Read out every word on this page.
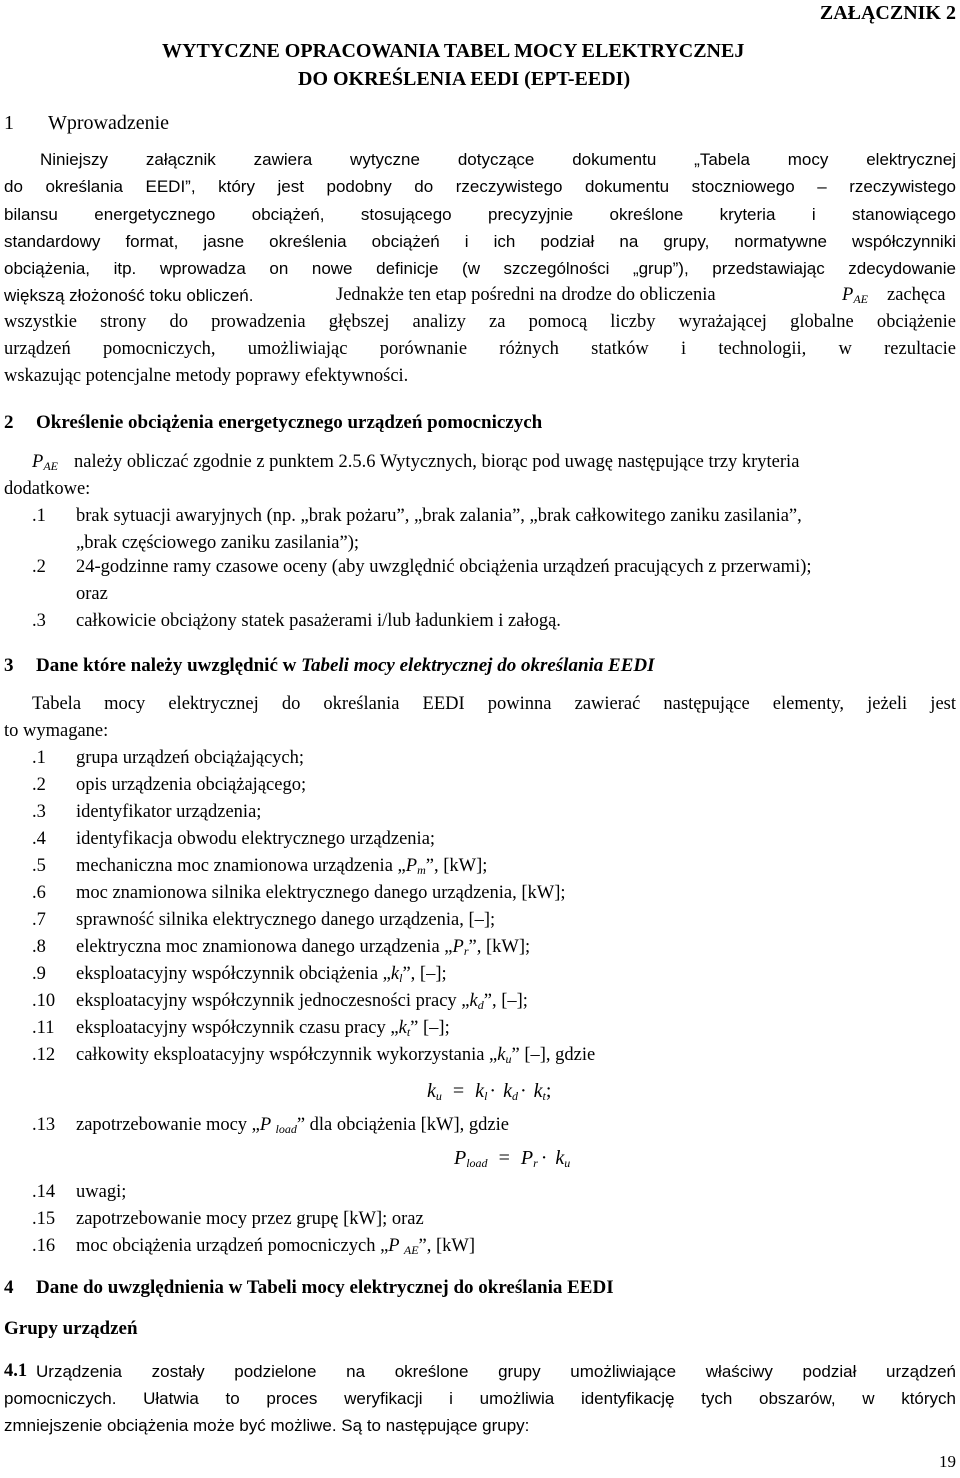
ZAŁĄCZNIK 2
WYTYCZNE OPRACOWANIA TABEL MOCY ELEKTRYCZNEJ
DO OKREŚLENIA EEDI (EPT-EEDI)
1 Wprowadzenie
Niniejszy załącznik zawiera wytyczne dotyczące dokumentu „Tabela mocy elektrycznej
do określania EEDI”, który jest podobny do rzeczywistego dokumentu stoczniowego – rzeczywistego
bilansu energetycznego obciążeń, stosującego precyzyjnie określone kryteria i stanowiącego
standardowy format, jasne określenia obciążeń i ich podział na grupy, normatywne współczynniki
obciążenia, itp. wprowadza on nowe definicje (w szczególności „grup”), przedstawiając zdecydowanie
większą złożoność toku obliczeń.	Jednakże ten etap pośredni na drodze do obliczenia	$P_{AE}$ zachęca
wszystkie strony do prowadzenia głębszej analizy za pomocą liczby wyrażającej globalne obciążenie
urządzeń pomocniczych, umożliwiając porównanie różnych statków i technologii, w rezultacie
wskazując potencjalne metody poprawy efektywności.
2 Określenie obciążenia energetycznego urządzeń pomocniczych
$P_{AE}$ należy obliczać zgodnie z punktem 2.5.6 Wytycznych, biorąc pod uwagę następujące trzy kryteria
dodatkowe:
.1 brak sytuacji awaryjnych (np. „brak pożaru”, „brak zalania”, „brak całkowitego zaniku zasilania”,
„brak częściowego zaniku zasilania”);
.2 24-godzinne ramy czasowe oceny (aby uwzględnić obciążenia urządzeń pracujących z przerwami);
oraz
.3 całkowicie obciążony statek pasażerami i/lub ładunkiem i załogą.
3 Dane które należy uwzględnić w Tabeli mocy elektrycznej do określania EEDI
Tabela mocy elektrycznej do określania EEDI powinna zawierać następujące elementy, jeżeli jest
to wymagane:
.1 grupa urządzeń obciążających;
.2 opis urządzenia obciążającego;
.3 identyfikator urządzenia;
.4 identyfikacja obwodu elektrycznego urządzenia;
.5 mechaniczna moc znamionowa urządzenia $„P_m$”, [kW];
.6 moc znamionowa silnika elektrycznego danego urządzenia, [kW];
.7 sprawność silnika elektrycznego danego urządzenia, [–];
.8 elektryczna moc znamionowa danego urządzenia $„P_r$”, [kW];
.9 eksploatacyjny współczynnik obciążenia $„k_l$”, [–];
.10 eksploatacyjny współczynnik jednoczesności pracy $„k_d$”, [–];
.11 eksploatacyjny współczynnik czasu pracy $„k_t$” [–];
.12 całkowity eksploatacyjny współczynnik wykorzystania $„k_u$” [–], gdzie
.13 zapotrzebowanie mocy „P $_{load}$” dla obciążenia [kW], gdzie
.14 uwagi;
.15 zapotrzebowanie mocy przez grupę [kW]; oraz
.16 moc obciążenia urządzeń pomocniczych „P $_{AE}$”, [kW]
$k_u = k_l \cdot k_d \cdot k_t$;
$P_{load} = P_r \cdot k_u$
4 Dane do uwzględnienia w Tabeli mocy elektrycznej do określania EEDI
Grupy urządzeń
4.1 Urządzenia zostały podzielone na określone grupy umożliwiające właściwy podział urządzeń
pomocniczych. Ułatwia to proces weryfikacji i umożliwia identyfikację tych obszarów, w których
zmniejszenie obciążenia może być możliwe. Są to następujące grupy:
19
